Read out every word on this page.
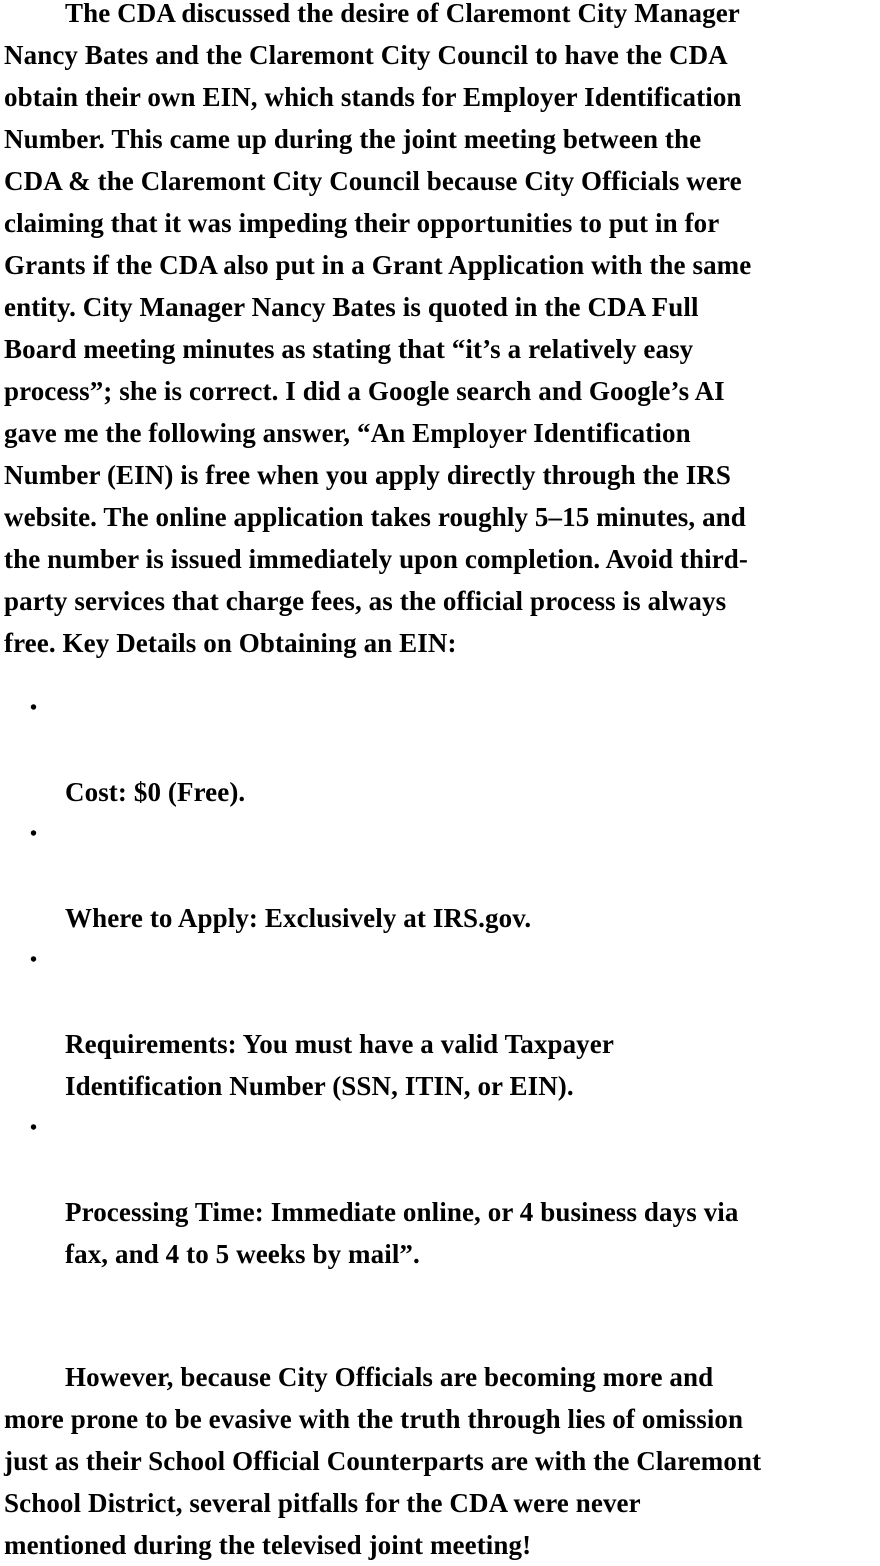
The CDA discussed the desire of Claremont City Manager
Nancy Bates and the Claremont City Council to have the CDA
obtain their own EIN, which stands for Employer Identification
Number. This came up during the joint meeting between the
CDA & the Claremont City Council because City Officials were
claiming that it was impeding their opportunities to put in for
Grants if the CDA also put in a Grant Application with the same
entity. City Manager Nancy Bates is quoted in the CDA Full
Board meeting minutes as stating that “it’s a relatively easy
process”; she is correct. I did a Google search and Google’s AI
gave me the following answer, “An Employer Identification
Number (EIN) is free when you apply directly through the IRS
website. The online application takes roughly 5–15 minutes, and
the number is issued immediately upon completion. Avoid third-
party services that charge fees, as the official process is always
free. Key Details on Obtaining an EIN:

•

Cost: $0 (Free).

•

Where to Apply: Exclusively at IRS.gov.

•

Requirements: You must have a valid Taxpayer
Identification Number (SSN, ITIN, or EIN).

•

Processing Time: Immediate online, or 4 business days via
fax, and 4 to 5 weeks by mail”.

However, because City Officials are becoming more and
more prone to be evasive with the truth through lies of omission
just as their School Official Counterparts are with the Claremont
School District, several pitfalls for the CDA were never
mentioned during the televised joint meeting!
